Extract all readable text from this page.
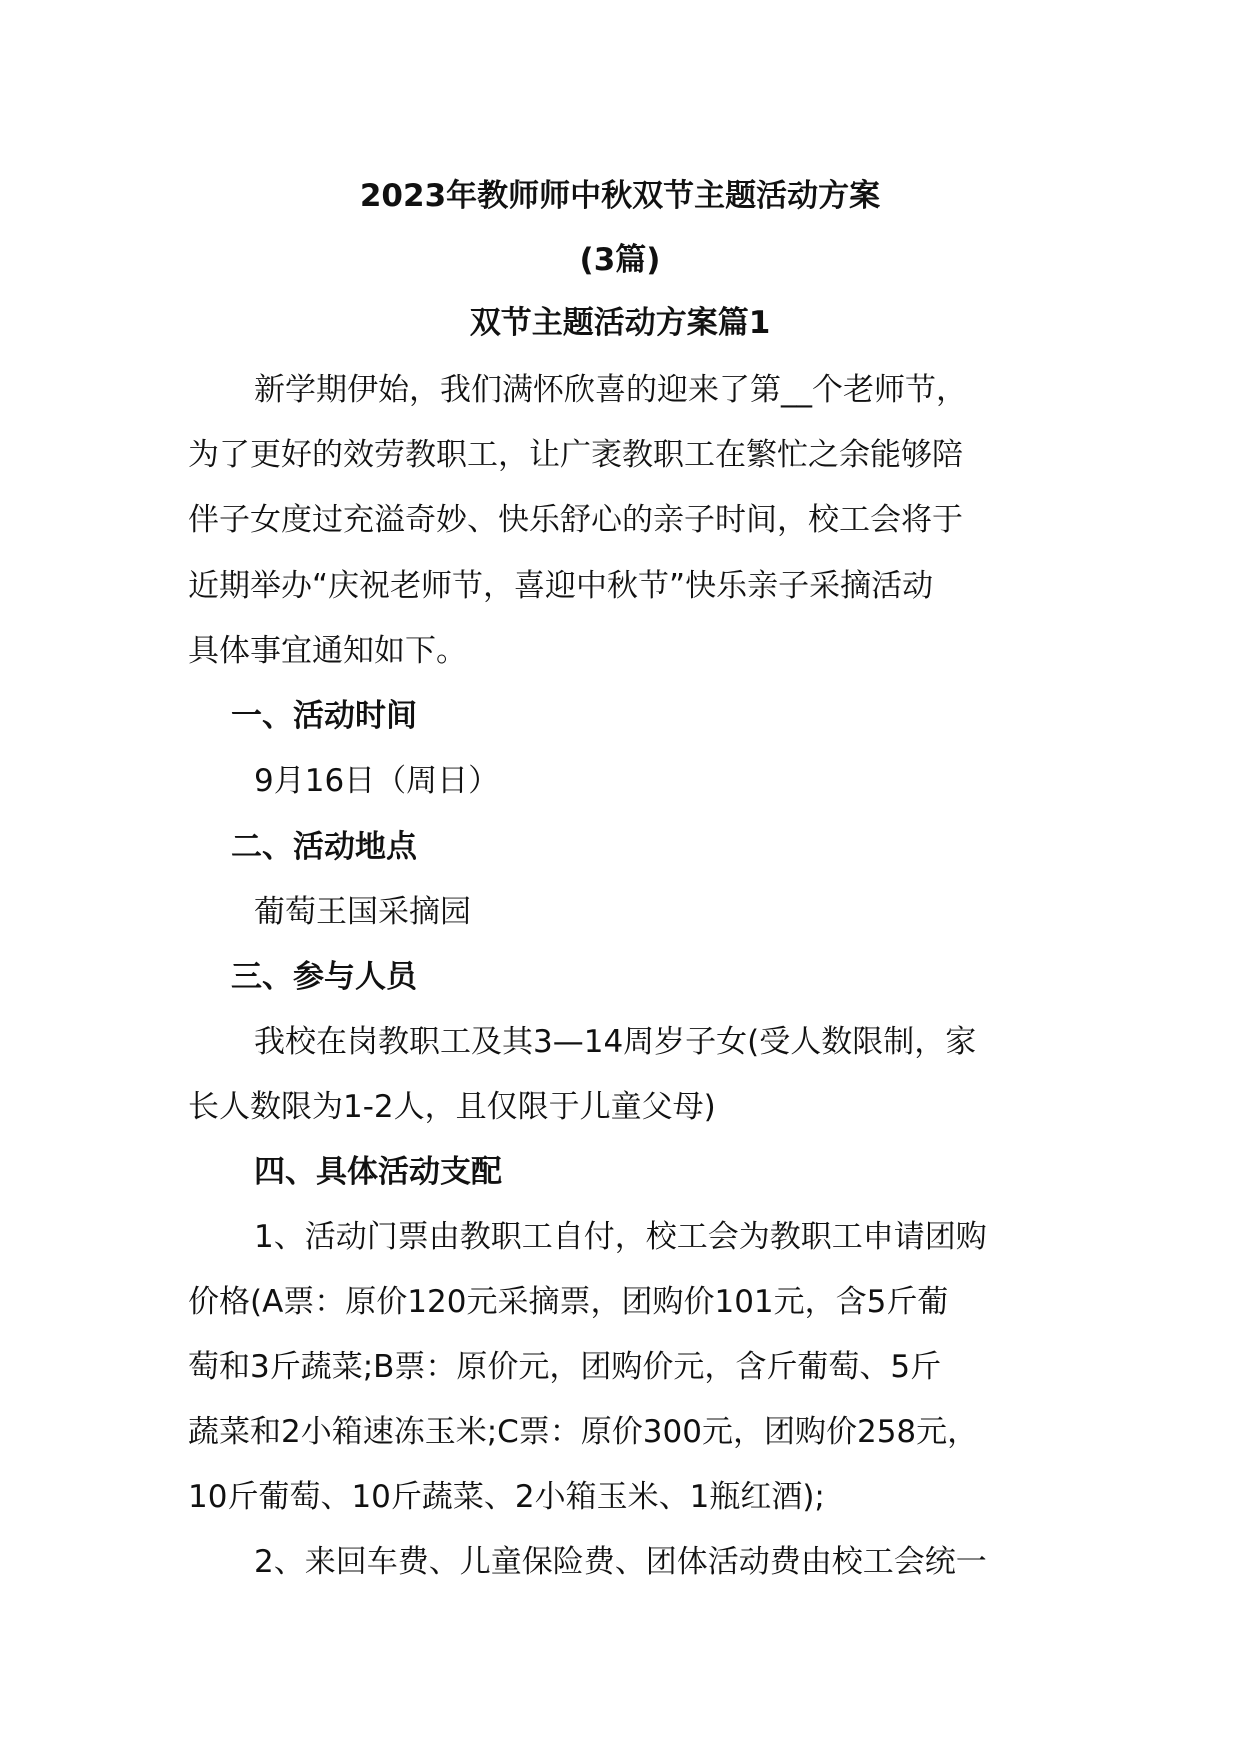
2023年教师师中秋双节主题活动方案
(3篇)
双节主题活动方案篇1
新学期伊始，我们满怀欣喜的迎来了第__个老师节，
为了更好的效劳教职工，让广袤教职工在繁忙之余能够陪
伴子女度过充溢奇妙、快乐舒心的亲子时间，校工会将于
近期举办“庆祝老师节，喜迎中秋节”快乐亲子采摘活动
具体事宜通知如下。
一、活动时间
9月16日（周日）
二、活动地点
葡萄王国采摘园
三、参与人员
我校在岗教职工及其3—14周岁子女(受人数限制，家
长人数限为1-2人，且仅限于儿童父母)
四、具体活动支配
1、活动门票由教职工自付，校工会为教职工申请团购
价格(A票：原价120元采摘票，团购价101元，含5斤葡
萄和3斤蔬菜;B票：原价元，团购价元，含斤葡萄、5斤
蔬菜和2小箱速冻玉米;C票：原价300元，团购价258元，
10斤葡萄、10斤蔬菜、2小箱玉米、1瓶红酒);
2、来回车费、儿童保险费、团体活动费由校工会统一
